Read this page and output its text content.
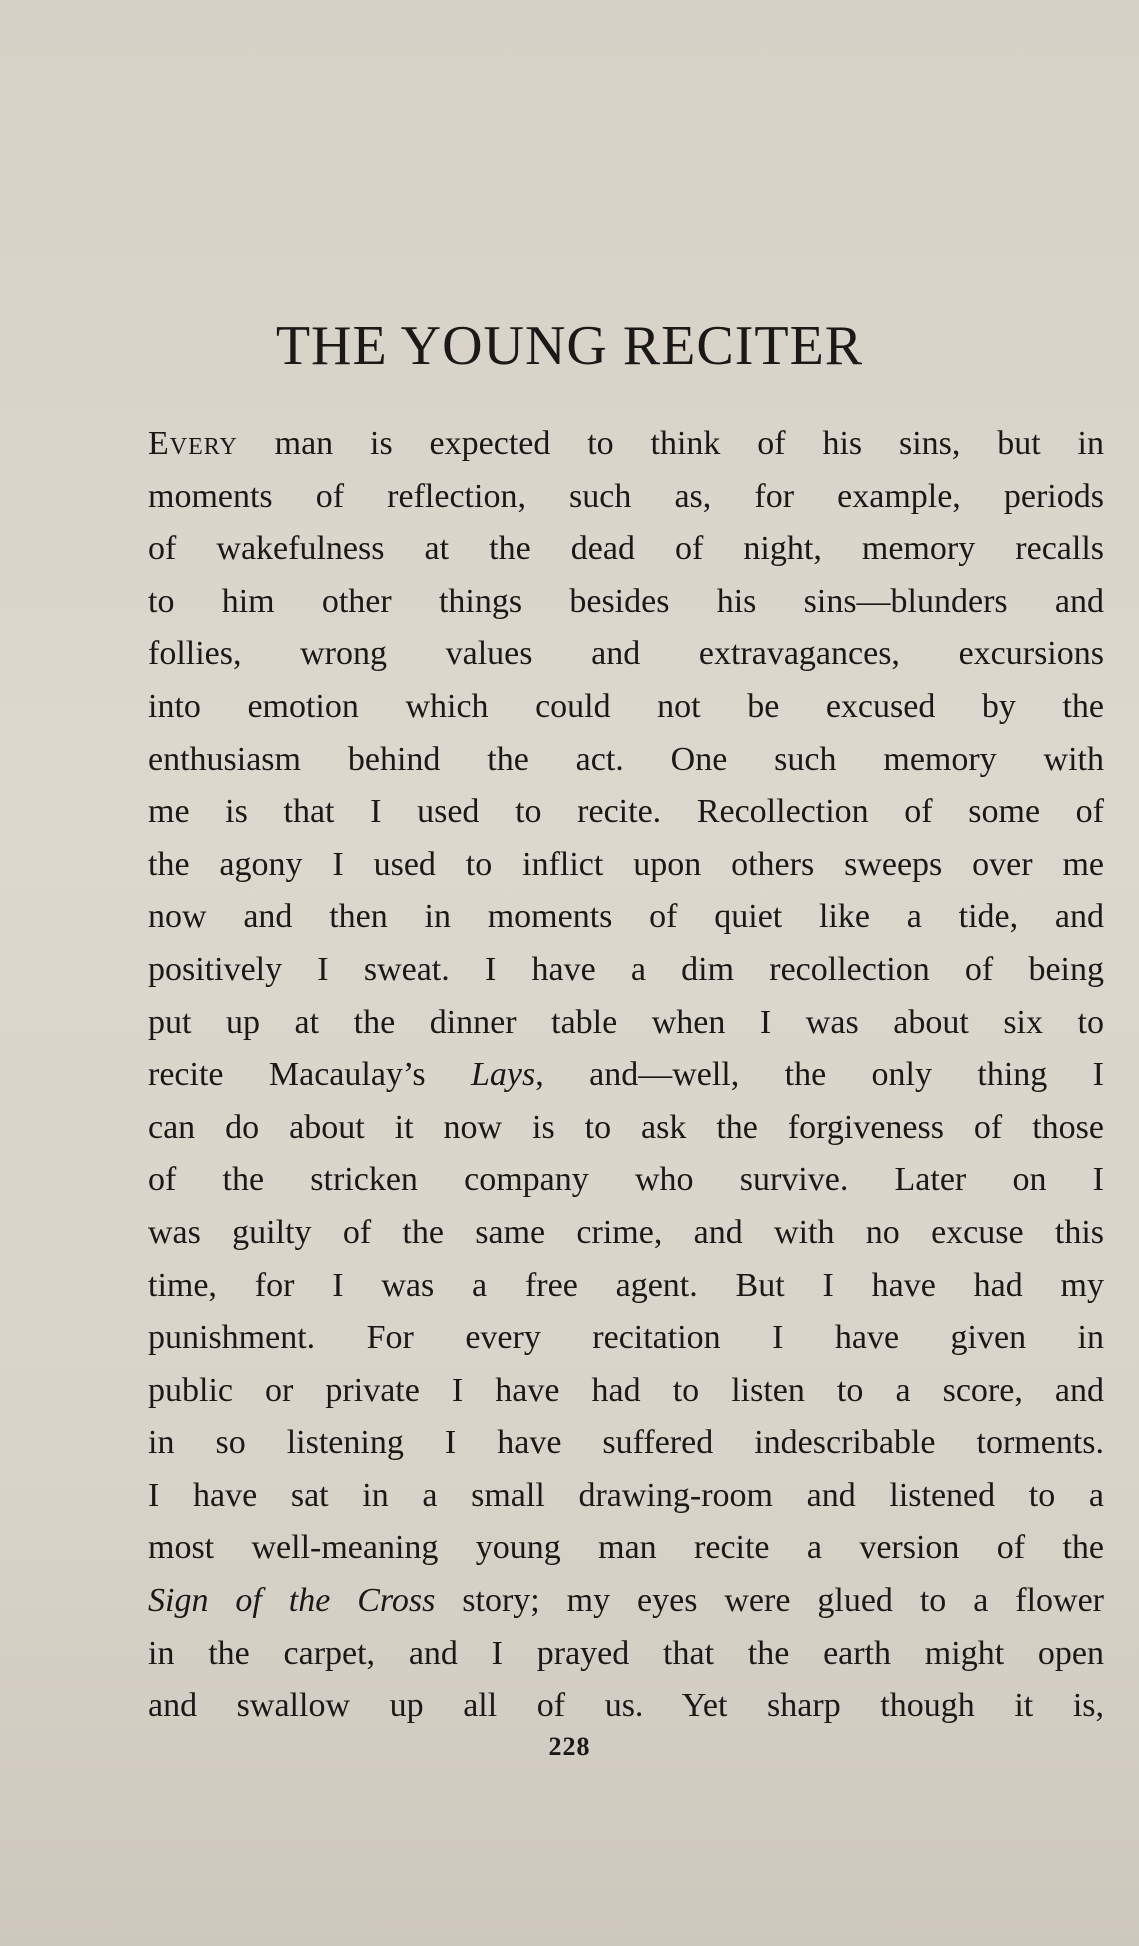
THE YOUNG RECITER
Every man is expected to think of his sins, but in
moments of reflection, such as, for example, periods
of wakefulness at the dead of night, memory recalls
to him other things besides his sins—blunders and
follies, wrong values and extravagances, excursions
into emotion which could not be excused by the
enthusiasm behind the act. One such memory with
me is that I used to recite. Recollection of some of
the agony I used to inflict upon others sweeps over me
now and then in moments of quiet like a tide, and
positively I sweat. I have a dim recollection of being
put up at the dinner table when I was about six to
recite Macaulay’s Lays, and—well, the only thing I
can do about it now is to ask the forgiveness of those
of the stricken company who survive. Later on I
was guilty of the same crime, and with no excuse this
time, for I was a free agent. But I have had my
punishment. For every recitation I have given in
public or private I have had to listen to a score, and
in so listening I have suffered indescribable torments.
I have sat in a small drawing-room and listened to a
most well-meaning young man recite a version of the
Sign of the Cross story; my eyes were glued to a flower
in the carpet, and I prayed that the earth might open
and swallow up all of us. Yet sharp though it is,
228
